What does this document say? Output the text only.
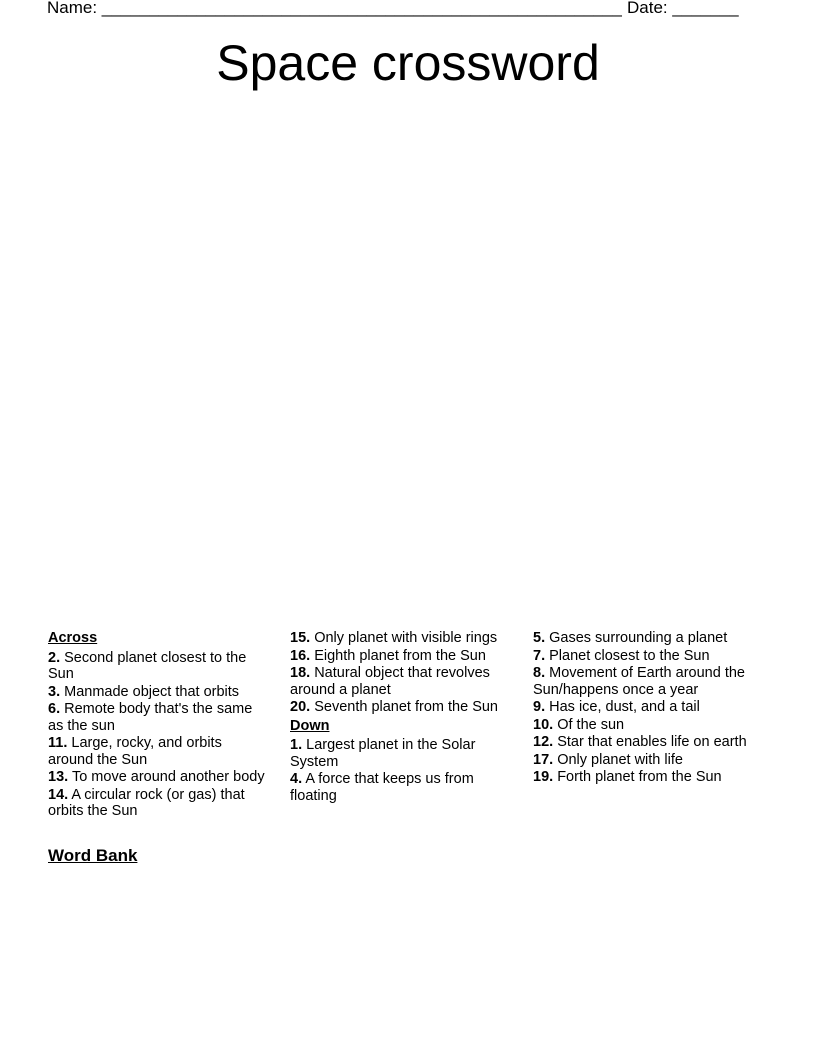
Name: _______________________________________________________ Date: _______
Space crossword
Across
2. Second planet closest to the Sun
3. Manmade object that orbits
6. Remote body that's the same as the sun
11. Large, rocky, and orbits around the Sun
13. To move around another body
14. A circular rock (or gas) that orbits the Sun
15. Only planet with visible rings
16. Eighth planet from the Sun
18. Natural object that revolves around a planet
20. Seventh planet from the Sun
Down
1. Largest planet in the Solar System
4. A force that keeps us from floating
5. Gases surrounding a planet
7. Planet closest to the Sun
8. Movement of Earth around the Sun/happens once a year
9. Has ice, dust, and a tail
10. Of the sun
12. Star that enables life on earth
17. Only planet with life
19. Forth planet from the Sun
Word Bank
